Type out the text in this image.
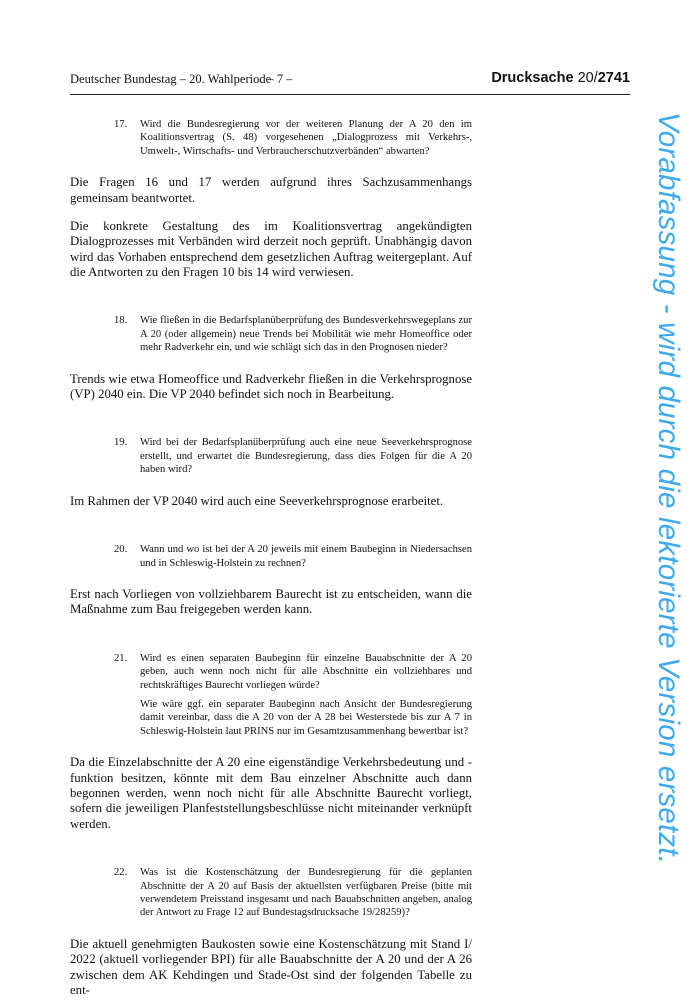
Deutscher Bundestag – 20. Wahlperiode
– 7 –	Drucksache 20/2741
17. Wird die Bundesregierung vor der weiteren Planung der A 20 den im Koalitionsvertrag (S. 48) vorgesehenen „Dialogprozess mit Verkehrs-, Umwelt-, Wirtschafts- und Verbraucherschutzverbänden“ abwarten?

Die Fragen 16 und 17 werden aufgrund ihres Sachzusammenhangs gemeinsam beantwortet.

Die konkrete Gestaltung des im Koalitionsvertrag angekündigten Dialogprozesses mit Verbänden wird derzeit noch geprüft. Unabhängig davon wird das Vorhaben entsprechend dem gesetzlichen Auftrag weitergeplant. Auf die Antworten zu den Fragen 10 bis 14 wird verwiesen.

18. Wie fließen in die Bedarfsplanüberprüfung des Bundesverkehrswegeplans zur A 20 (oder allgemein) neue Trends bei Mobilität wie mehr Homeoffice oder mehr Radverkehr ein, und wie schlägt sich das in den Prognosen nieder?

Trends wie etwa Homeoffice und Radverkehr fließen in die Verkehrsprognose (VP) 2040 ein. Die VP 2040 befindet sich noch in Bearbeitung.

19. Wird bei der Bedarfsplanüberprüfung auch eine neue Seeverkehrsprognose erstellt, und erwartet die Bundesregierung, dass dies Folgen für die A 20 haben wird?

Im Rahmen der VP 2040 wird auch eine Seeverkehrsprognose erarbeitet.

20. Wann und wo ist bei der A 20 jeweils mit einem Baubeginn in Niedersachsen und in Schleswig-Holstein zu rechnen?

Erst nach Vorliegen von vollziehbarem Baurecht ist zu entscheiden, wann die Maßnahme zum Bau freigegeben werden kann.

21. Wird es einen separaten Baubeginn für einzelne Bauabschnitte der A 20 geben, auch wenn noch nicht für alle Abschnitte ein vollziehbares und rechtskräftiges Baurecht vorliegen würde?
Wie wäre ggf. ein separater Baubeginn nach Ansicht der Bundesregierung damit vereinbar, dass die A 20 von der A 28 bei Westerstede bis zur A 7 in Schleswig-Holstein laut PRINS nur im Gesamtzusammenhang bewertbar ist?

Da die Einzelabschnitte der A 20 eine eigenständige Verkehrsbedeutung und -funktion besitzen, könnte mit dem Bau einzelner Abschnitte auch dann begonnen werden, wenn noch nicht für alle Abschnitte Baurecht vorliegt, sofern die jeweiligen Planfeststellungsbeschlüsse nicht miteinander verknüpft werden.

22. Was ist die Kostenschätzung der Bundesregierung für die geplanten Abschnitte der A 20 auf Basis der aktuellsten verfügbaren Preise (bitte mit verwendetem Preisstand insgesamt und nach Bauabschnitten angeben, analog der Antwort zu Frage 12 auf Bundestagsdrucksache 19/28259)?

Die aktuell genehmigten Baukosten sowie eine Kostenschätzung mit Stand I/ 2022 (aktuell vorliegender BPI) für alle Bauabschnitte der A 20 und der A 26 zwischen dem AK Kehdingen und Stade-Ost sind der folgenden Tabelle zu ent-

Vorabfassung - wird durch die lektorierte Version ersetzt.
